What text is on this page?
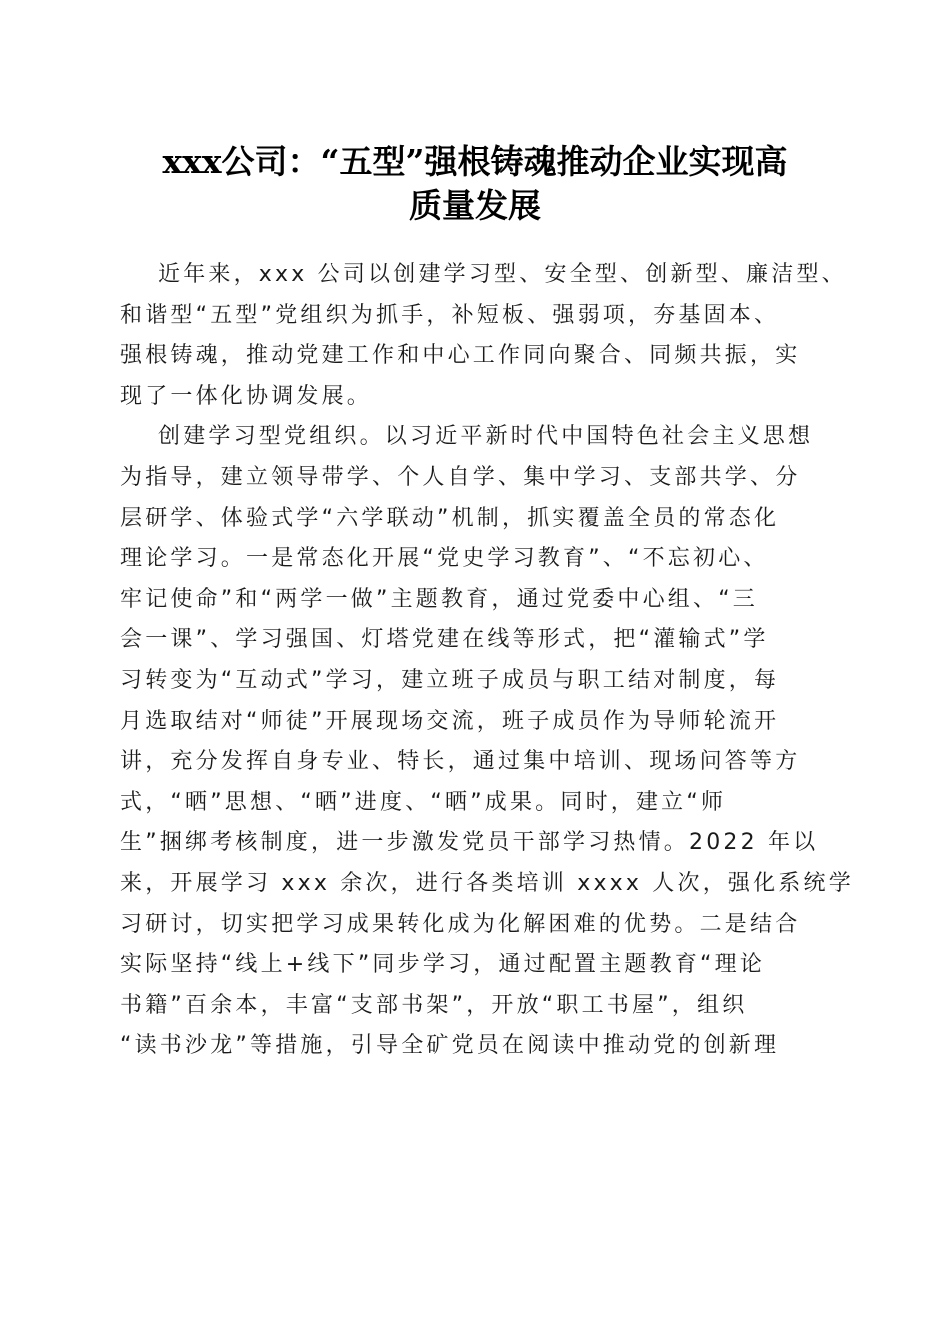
xxx公司：“五型”强根铸魂推动企业实现高
质量发展
近年来，xxx 公司以创建学习型、安全型、创新型、廉洁型、
和谐型“五型”党组织为抓手，补短板、强弱项，夯基固本、
强根铸魂，推动党建工作和中心工作同向聚合、同频共振，实
现了一体化协调发展。
创建学习型党组织。以习近平新时代中国特色社会主义思想
为指导，建立领导带学、个人自学、集中学习、支部共学、分
层研学、体验式学“六学联动”机制，抓实覆盖全员的常态化
理论学习。一是常态化开展“党史学习教育”、“不忘初心、
牢记使命”和“两学一做”主题教育，通过党委中心组、“三
会一课”、学习强国、灯塔党建在线等形式，把“灌输式”学
习转变为“互动式”学习，建立班子成员与职工结对制度，每
月选取结对“师徒”开展现场交流，班子成员作为导师轮流开
讲，充分发挥自身专业、特长，通过集中培训、现场问答等方
式，“晒”思想、“晒”进度、“晒”成果。同时，建立“师
生”捆绑考核制度，进一步激发党员干部学习热情。2022 年以
来，开展学习 xxx 余次，进行各类培训 xxxx 人次，强化系统学
习研讨，切实把学习成果转化成为化解困难的优势。二是结合
实际坚持“线上+线下”同步学习，通过配置主题教育“理论
书籍”百余本，丰富“支部书架”，开放“职工书屋”，组织
“读书沙龙”等措施，引导全矿党员在阅读中推动党的创新理
